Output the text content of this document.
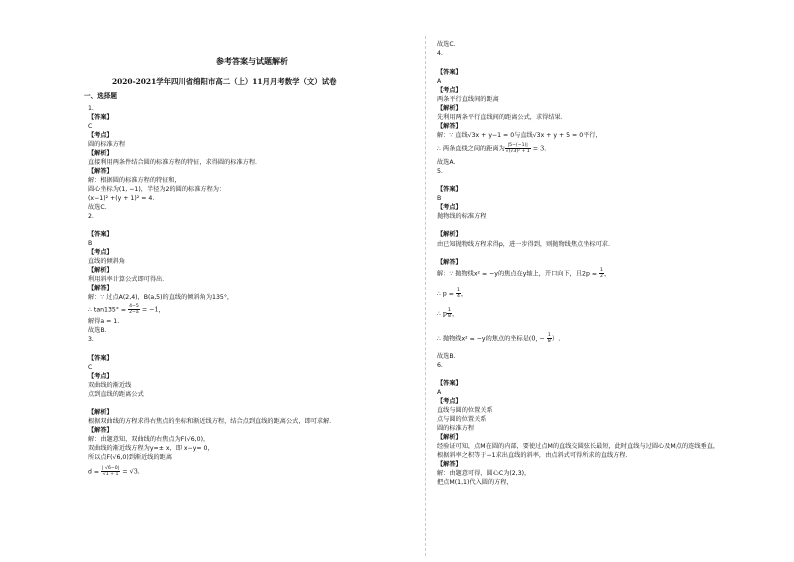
参考答案与试题解析
2020-2021学年四川省绵阳市高二（上）11月月考数学（文）试卷
一、选择题
1.
【答案】
C
【考点】
圆的标准方程
【解析】
直接利用两条件结合圆的标准方程的特征，求得圆的标准方程．
【解答】
解：根据圆的标准方程的特征和，
圆心坐标为(1, −1)，半径为2的圆的标准方程为：
(x−1)² +(y + 1)² = 4.
故选C．
2.
【答案】
B
【考点】
直线的倾斜角
【解析】
利用斜率计算公式即可得出．
【解答】
解：∵ 过点A(2,4)，B(a,5)的直线的倾斜角为135°，
∴ $\tan 135^\circ = \frac{4-5}{2-a} = -1$，
解得a = 1.
故选B．
3.
【答案】
C
【考点】
双曲线的渐近线
点到直线的距离公式
【解析】
根据双曲线的方程求得右焦点的坐标和渐近线方程，结合点到直线的距离公式，即可求解．
【解答】
解：由题意知，双曲线的右焦点为F(√6,0)，
双曲线的渐近线方程为y=± x，即 x−y= 0，
所以点F(√6,0)到渐近线的距离
$d = \frac{| √6-0|}{√1 + 1} = √3$.
故选C．
4.
【答案】
A
【考点】
两条平行直线间的距离
【解析】
先利用两条平行直线间的距离公式，求得结果．
【解答】
解：∵ 直线√3x + y−1 = 0与直线√3x + y + 5 = 0平行，
∴ 两条直线之间的距离为 $\frac{|5-(-1)|}{\text{√(√3)² + 1}} = 3$.
故选A．
5.
【答案】
B
【考点】
抛物线的标准方程
【解析】
由已知抛物线方程求得p，进一步得到，则抛物线焦点坐标可求．
【解答】
解：∵ 抛物线x² = −y的焦点在y轴上，开口向下，且$2p = \frac{1}{2}$ ，
∴ $p = \frac{1}{4}$ ，
∴ p $\frac{1}{8}$ ，
∴ 抛物线x² = −y的焦点的坐标是(0, − $\frac{1}{8}$ ）.
故选B．
6.
【答案】
A
【考点】
直线与圆的位置关系
点与圆的位置关系
圆的标准方程
【解析】
经验证可知，点M在圆的内部，要使过点M的直线交圆弦长最短，此时直线与过圆心及M点的连线垂直，
根据斜率之积等于−1求出直线的斜率，由点斜式可得所求的直线方程．
【解答】
解：由题意可得，圆心C为(2,3)，
把点M(1,1)代入圆的方程，
